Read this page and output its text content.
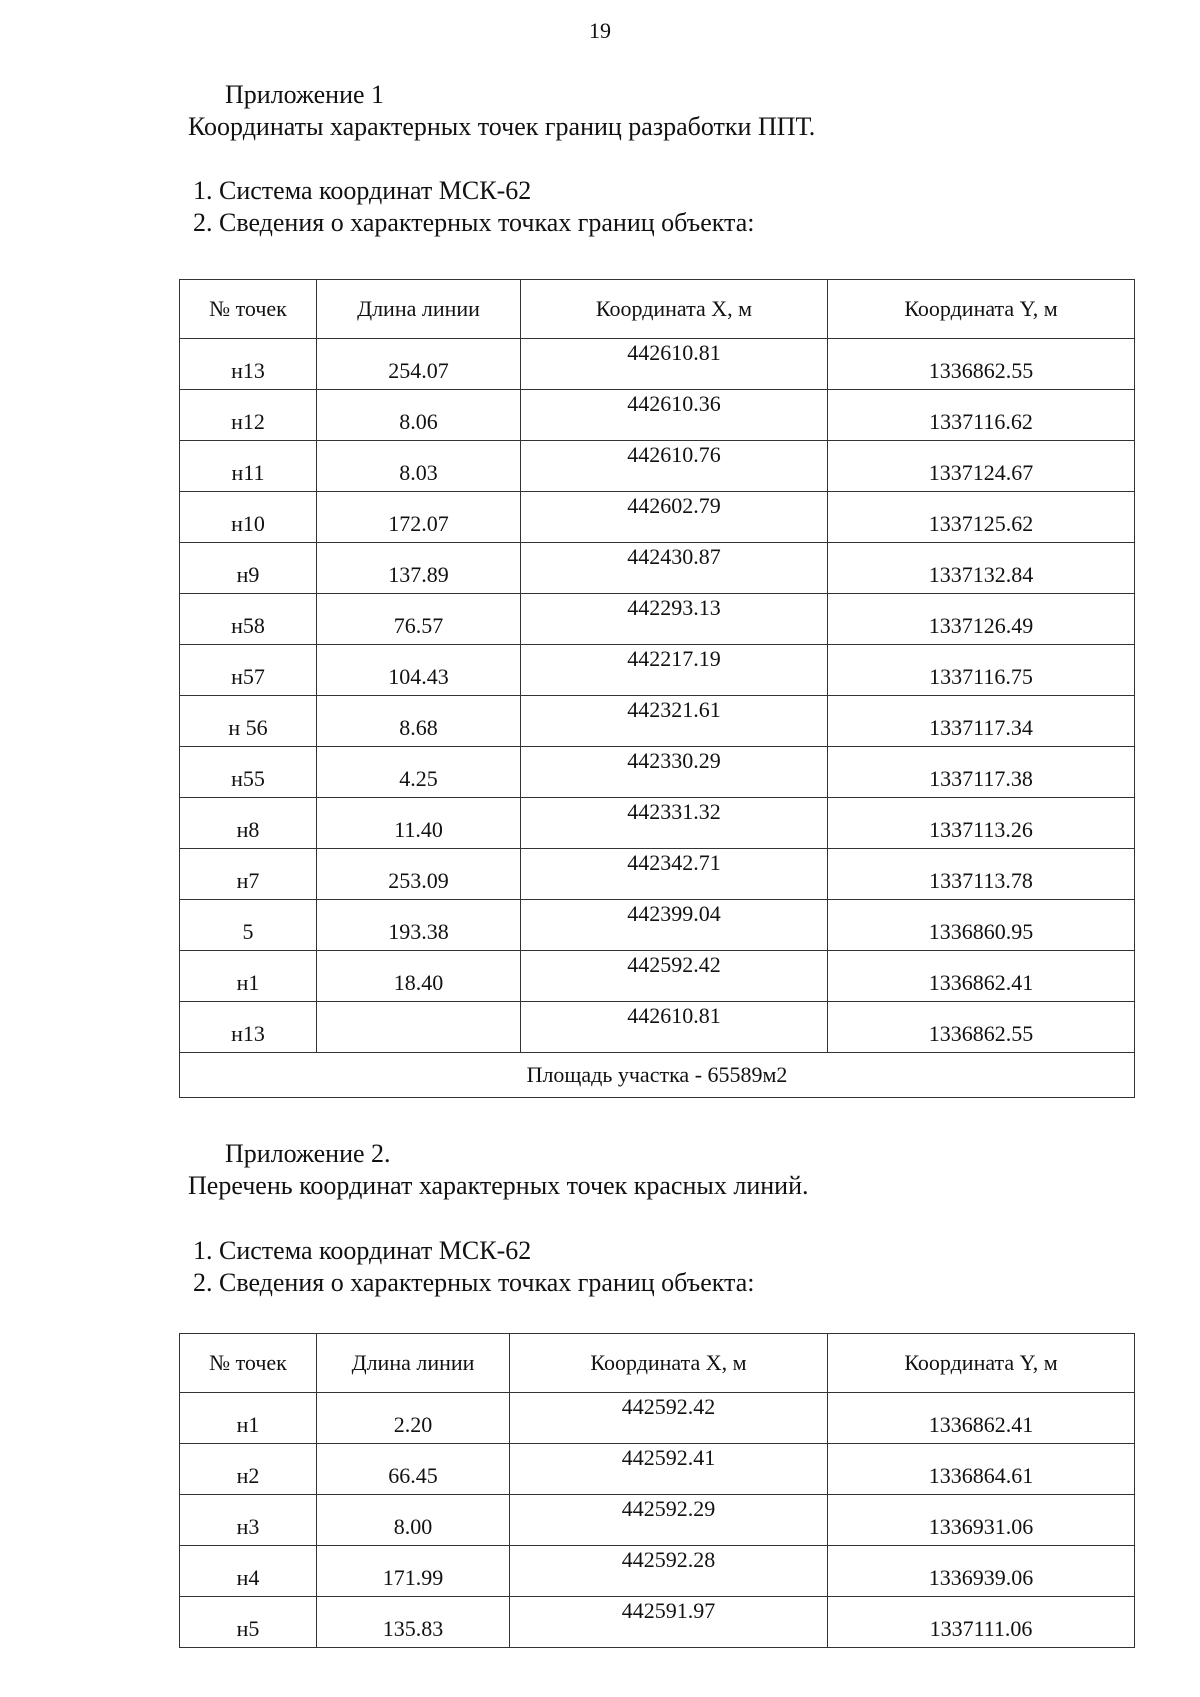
19
Приложение 1
Координаты характерных точек границ разработки ППТ.
1. Система координат МСК-62
2. Сведения о характерных точках границ объекта:
№ точек	Длина линии	Координата X, м	Координата Y, м
н13	254.07	442610.81	1336862.55
н12	8.06	442610.36	1337116.62
н11	8.03	442610.76	1337124.67
н10	172.07	442602.79	1337125.62
н9	137.89	442430.87	1337132.84
н58	76.57	442293.13	1337126.49
н57	104.43	442217.19	1337116.75
н 56	8.68	442321.61	1337117.34
н55	4.25	442330.29	1337117.38
н8	11.40	442331.32	1337113.26
н7	253.09	442342.71	1337113.78
5	193.38	442399.04	1336860.95
н1	18.40	442592.42	1336862.41
н13		442610.81	1336862.55
Площадь участка - 65589м2			
Приложение 2.
Перечень координат характерных точек красных линий.
1. Система координат МСК-62
2. Сведения о характерных точках границ объекта:
№ точек	Длина линии	Координата X, м	Координата Y, м
н1	2.20	442592.42	1336862.41
н2	66.45	442592.41	1336864.61
н3	8.00	442592.29	1336931.06
н4	171.99	442592.28	1336939.06
н5	135.83	442591.97	1337111.06
